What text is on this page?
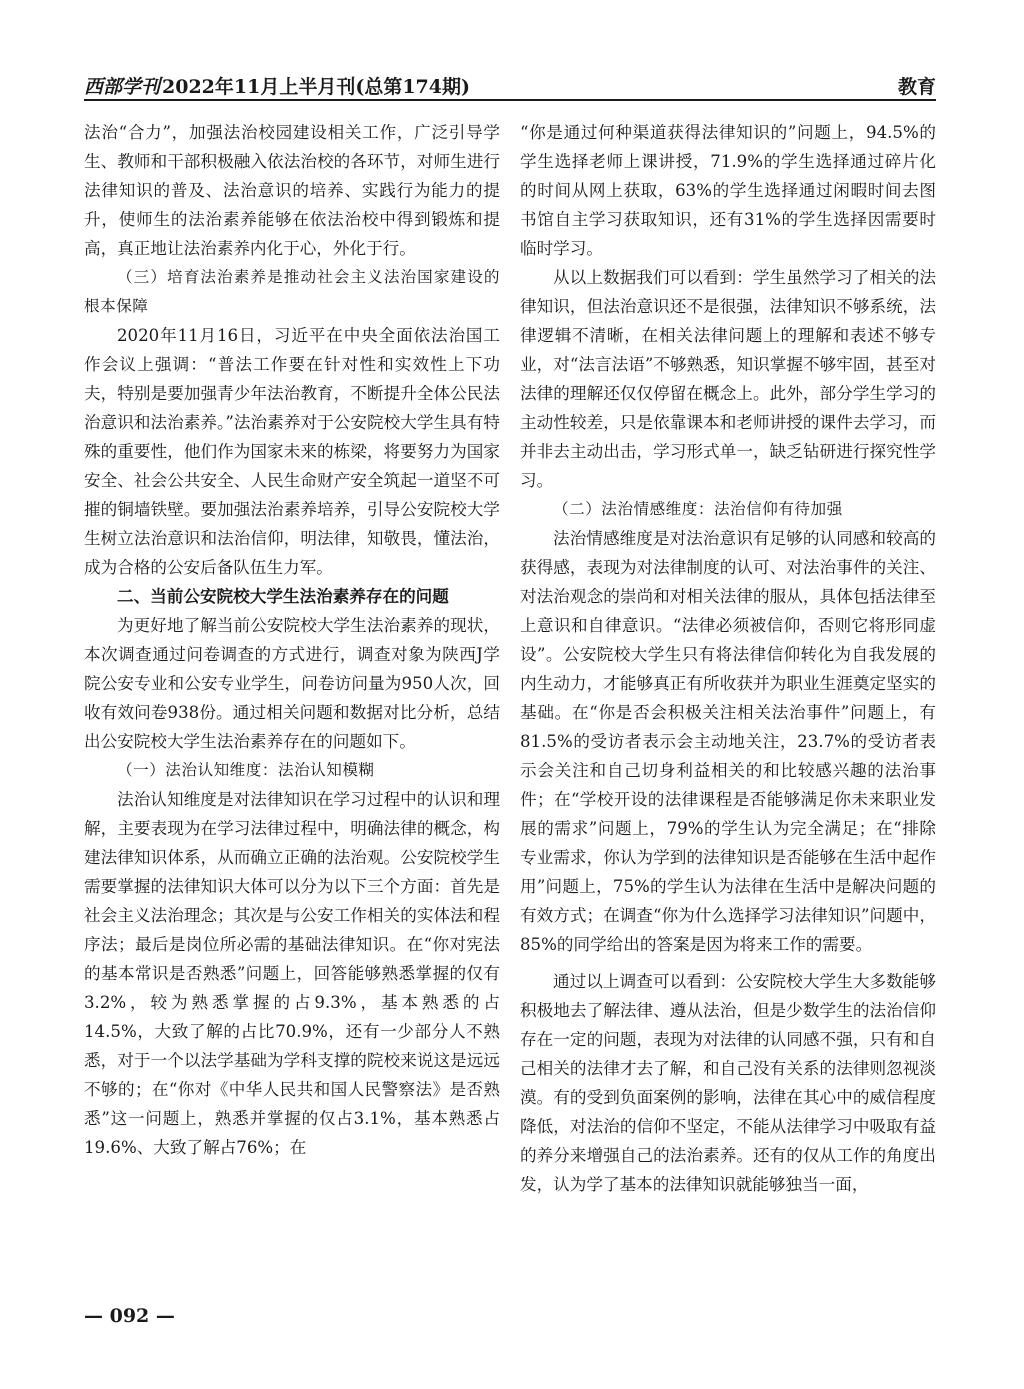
西部学刊 2022年11月上半月刊(总第174期)	教育

法治“合力”，加强法治校园建设相关工作，广泛引导学生、教师和干部积极融入依法治校的各环节，对师生进行法律知识的普及、法治意识的培养、实践行为能力的提升，使师生的法治素养能够在依法治校中得到锻炼和提高，真正地让法治素养内化于心，外化于行。

（三）培育法治素养是推动社会主义法治国家建设的根本保障

2020年11月16日，习近平在中央全面依法治国工作会议上强调：“普法工作要在针对性和实效性上下功夫，特别是要加强青少年法治教育，不断提升全体公民法治意识和法治素养。”法治素养对于公安院校大学生具有特殊的重要性，他们作为国家未来的栋梁，将要努力为国家安全、社会公共安全、人民生命财产安全筑起一道坚不可摧的铜墙铁壁。要加强法治素养培养，引导公安院校大学生树立法治意识和法治信仰，明法律，知敬畏，懂法治，成为合格的公安后备队伍生力军。

二、当前公安院校大学生法治素养存在的问题

为更好地了解当前公安院校大学生法治素养的现状，本次调查通过问卷调查的方式进行，调查对象为陕西J学院公安专业和公安专业学生，问卷访问量为950人次，回收有效问卷938份。通过相关问题和数据对比分析，总结出公安院校大学生法治素养存在的问题如下。

（一）法治认知维度：法治认知模糊

法治认知维度是对法律知识在学习过程中的认识和理解，主要表现为在学习法律过程中，明确法律的概念，构建法律知识体系，从而确立正确的法治观。公安院校学生需要掌握的法律知识大体可以分为以下三个方面：首先是社会主义法治理念；其次是与公安工作相关的实体法和程序法；最后是岗位所必需的基础法律知识。在“你对宪法的基本常识是否熟悉”问题上，回答能够熟悉掌握的仅有3.2%，较为熟悉掌握的占9.3%，基本熟悉的占14.5%，大致了解的占比70.9%，还有一少部分人不熟悉，对于一个以法学基础为学科支撑的院校来说这是远远不够的；在“你对《中华人民共和国人民警察法》是否熟悉”这一问题上，熟悉并掌握的仅占3.1%，基本熟悉占19.6%、大致了解占76%；在

“你是通过何种渠道获得法律知识的”问题上，94.5%的学生选择老师上课讲授，71.9%的学生选择通过碎片化的时间从网上获取，63%的学生选择通过闲暇时间去图书馆自主学习获取知识，还有31%的学生选择因需要时临时学习。

从以上数据我们可以看到：学生虽然学习了相关的法律知识，但法治意识还不是很强，法律知识不够系统，法律逻辑不清晰，在相关法律问题上的理解和表述不够专业，对“法言法语”不够熟悉，知识掌握不够牢固，甚至对法律的理解还仅仅停留在概念上。此外，部分学生学习的主动性较差，只是依靠课本和老师讲授的课件去学习，而并非去主动出击，学习形式单一，缺乏钻研进行探究性学习。

（二）法治情感维度：法治信仰有待加强

法治情感维度是对法治意识有足够的认同感和较高的获得感，表现为对法律制度的认可、对法治事件的关注、对法治观念的崇尚和对相关法律的服从，具体包括法律至上意识和自律意识。“法律必须被信仰，否则它将形同虚设”。公安院校大学生只有将法律信仰转化为自我发展的内生动力，才能够真正有所收获并为职业生涯奠定坚实的基础。在“你是否会积极关注相关法治事件”问题上，有81.5%的受访者表示会主动地关注，23.7%的受访者表示会关注和自己切身利益相关的和比较感兴趣的法治事件；在“学校开设的法律课程是否能够满足你未来职业发展的需求”问题上，79%的学生认为完全满足；在“排除专业需求，你认为学到的法律知识是否能够在生活中起作用”问题上，75%的学生认为法律在生活中是解决问题的有效方式；在调查“你为什么选择学习法律知识”问题中，85%的同学给出的答案是因为将来工作的需要。

通过以上调查可以看到：公安院校大学生大多数能够积极地去了解法律、遵从法治，但是少数学生的法治信仰存在一定的问题，表现为对法律的认同感不强，只有和自己相关的法律才去了解，和自己没有关系的法律则忽视淡漠。有的受到负面案例的影响，法律在其心中的威信程度降低，对法治的信仰不坚定，不能从法律学习中吸取有益的养分来增强自己的法治素养。还有的仅从工作的角度出发，认为学了基本的法律知识就能够独当一面，

— 092 —
